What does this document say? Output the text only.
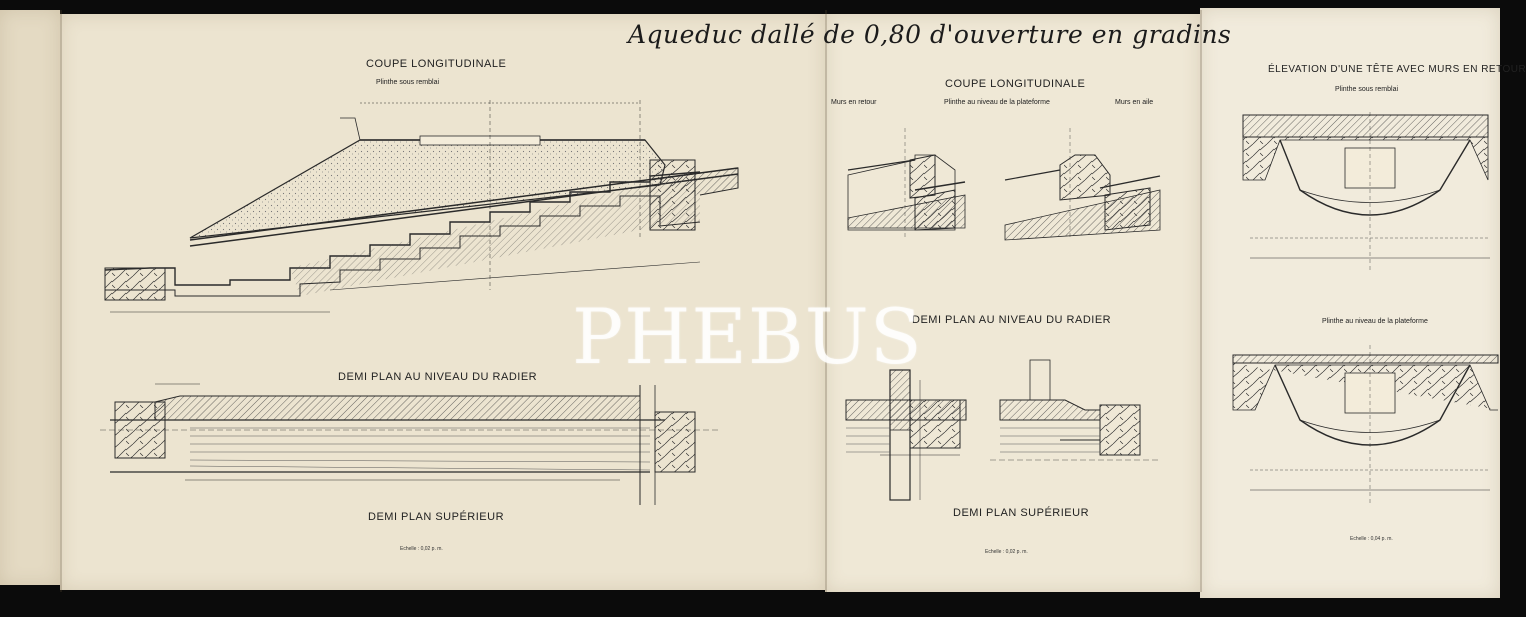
Aqueduc dallé de 0,80 d'ouverture en gradins
COUPE LONGITUDINALE
Plinthe sous remblai
DEMI PLAN AU NIVEAU DU RADIER
DEMI PLAN SUPÉRIEUR
Echelle : 0,02 p. m.
COUPE LONGITUDINALE
Murs en retour	Plinthe au niveau de la plateforme	Murs en aile
DEMI PLAN AU NIVEAU DU RADIER
DEMI PLAN SUPÉRIEUR
Echelle : 0,02 p. m.
ÉLEVATION D'UNE TÊTE AVEC MURS EN RETOUR
Plinthe sous remblai
Plinthe au niveau de la plateforme
Echelle : 0,04 p. m.
PHEBUS
